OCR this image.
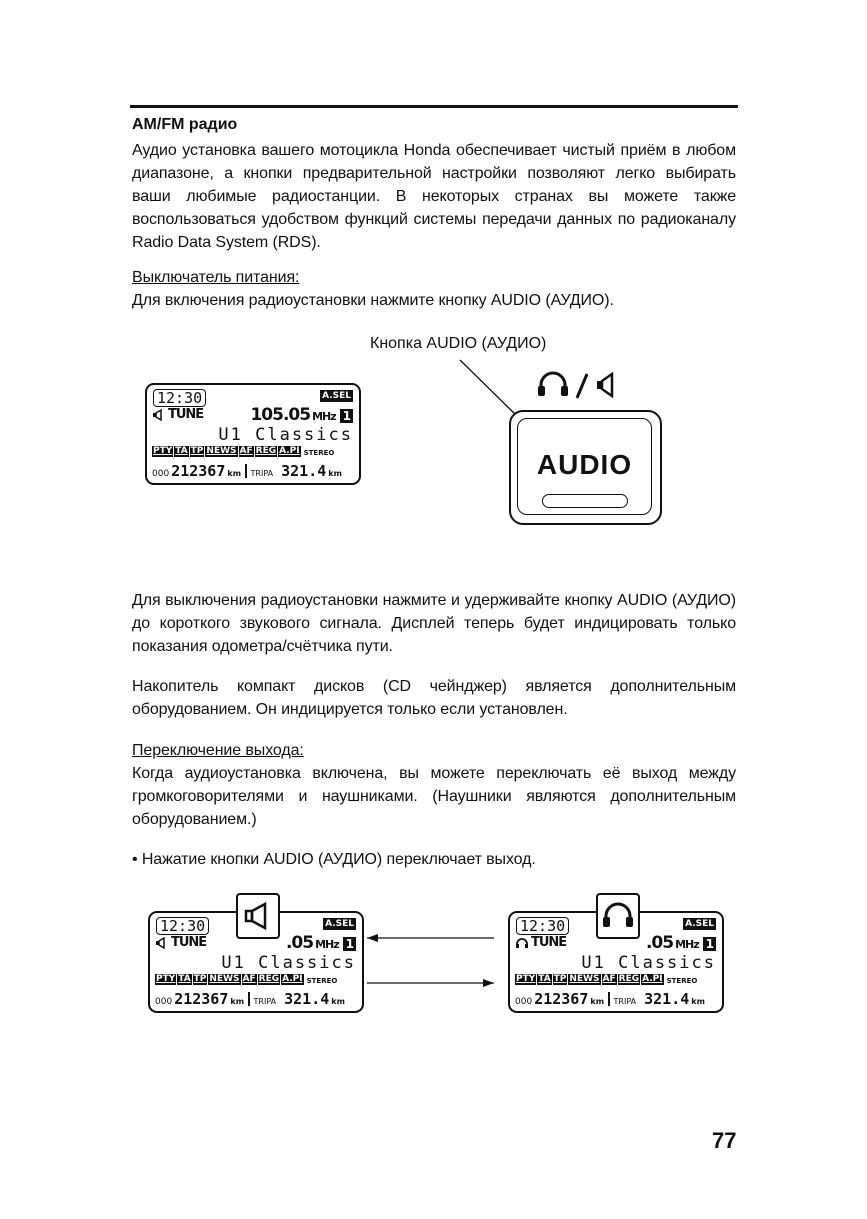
AM/FM радио
Аудио установка вашего мотоцикла Honda обеспечивает чистый приём в любом диапазоне, а кнопки предварительной настройки позволяют легко выбирать ваши любимые радиостанции. В некоторых странах вы можете также воспользоваться удобством функций системы передачи данных по радиоканалу Radio Data System (RDS).
Выключатель питания:
Для включения радиоустановки нажмите кнопку AUDIO (АУДИО).
Кнопка AUDIO (АУДИО)
12:30	A.SEL
TUNE	105.05 MHz 1
U1 Classics
PTY TA TP NEWS AF REG A.PI STEREO
000 212367 km TRIPA 321.4 km	AUDIO
Для выключения радиоустановки нажмите и удерживайте кнопку AUDIO (АУДИО) до короткого звукового сигнала. Дисплей теперь будет индицировать только показания одометра/счётчика пути.
Накопитель компакт дисков (CD чейнджер) является дополнительным оборудованием. Он индицируется только если установлен.
Переключение выхода:
Когда аудиоустановка включена, вы можете переключать её выход между громкоговорителями и наушниками. (Наушники являются дополнительным оборудованием.)
• Нажатие кнопки AUDIO (АУДИО) переключает выход.
12:30	A.SEL
TUNE	.05 MHz 1
U1 Classics
PTY TA TP NEWS AF REG A.PI STEREO
000 212367 km TRIPA 321.4 km
12:30	A.SEL
TUNE	.05 MHz 1
U1 Classics
PTY TA TP NEWS AF REG A.PI STEREO
000 212367 km TRIPA 321.4 km
77
